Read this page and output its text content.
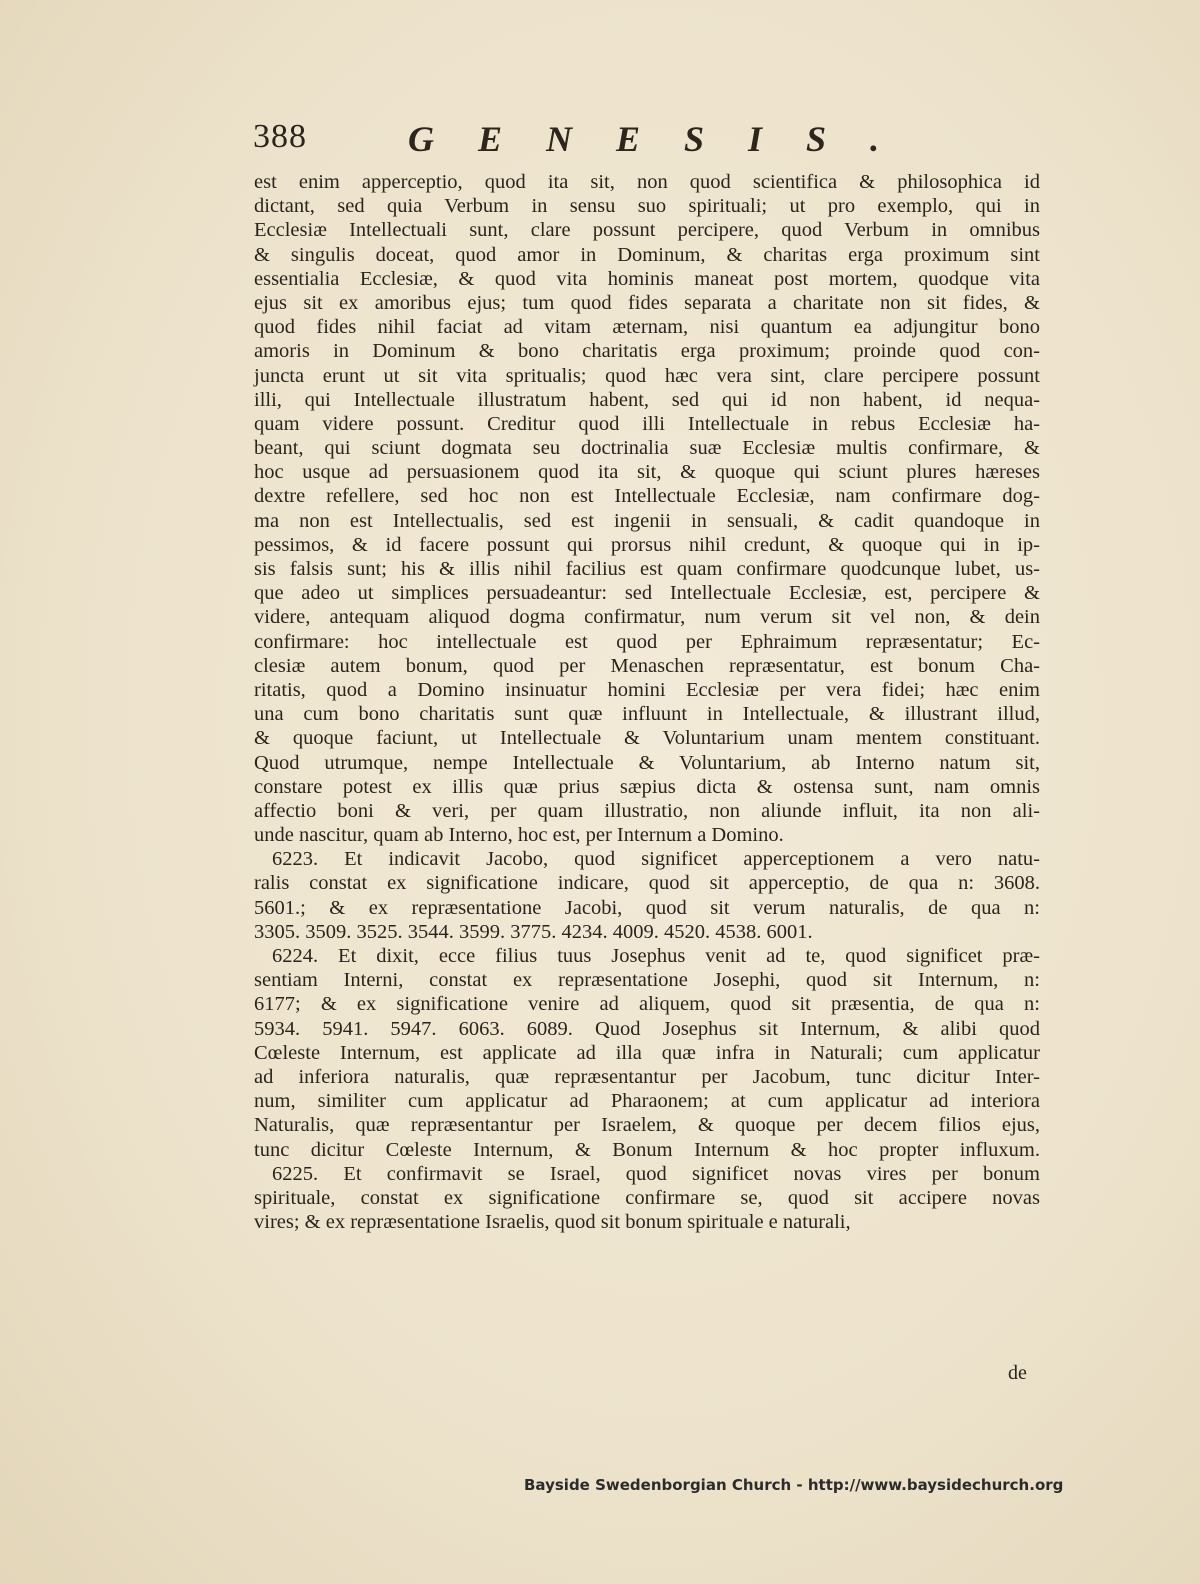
388	GENESIS.
est enim apperceptio, quod ita sit, non quod scientifica & philosophica id
dictant, sed quia Verbum in sensu suo spirituali; ut pro exemplo, qui in
Ecclesiæ Intellectuali sunt, clare possunt percipere, quod Verbum in omnibus
& singulis doceat, quod amor in Dominum, & charitas erga proximum sint
essentialia Ecclesiæ, & quod vita hominis maneat post mortem, quodque vita
ejus sit ex amoribus ejus; tum quod fides separata a charitate non sit fides, &
quod fides nihil faciat ad vitam æternam, nisi quantum ea adjungitur bono
amoris in Dominum & bono charitatis erga proximum; proinde quod con-
juncta erunt ut sit vita spritualis; quod hæc vera sint, clare percipere possunt
illi, qui Intellectuale illustratum habent, sed qui id non habent, id nequa-
quam videre possunt. Creditur quod illi Intellectuale in rebus Ecclesiæ ha-
beant, qui sciunt dogmata seu doctrinalia suæ Ecclesiæ multis confirmare, &
hoc usque ad persuasionem quod ita sit, & quoque qui sciunt plures hæreses
dextre refellere, sed hoc non est Intellectuale Ecclesiæ, nam confirmare dog-
ma non est Intellectualis, sed est ingenii in sensuali, & cadit quandoque in
pessimos, & id facere possunt qui prorsus nihil credunt, & quoque qui in ip-
sis falsis sunt; his & illis nihil facilius est quam confirmare quodcunque lubet, us-
que adeo ut simplices persuadeantur: sed Intellectuale Ecclesiæ, est, percipere &
videre, antequam aliquod dogma confirmatur, num verum sit vel non, & dein
confirmare: hoc intellectuale est quod per Ephraimum repræsentatur; Ec-
clesiæ autem bonum, quod per Menaschen repræsentatur, est bonum Cha-
ritatis, quod a Domino insinuatur homini Ecclesiæ per vera fidei; hæc enim
una cum bono charitatis sunt quæ influunt in Intellectuale, & illustrant illud,
& quoque faciunt, ut Intellectuale & Voluntarium unam mentem constituant.
Quod utrumque, nempe Intellectuale & Voluntarium, ab Interno natum sit,
constare potest ex illis quæ prius sæpius dicta & ostensa sunt, nam omnis
affectio boni & veri, per quam illustratio, non aliunde influit, ita non ali-
unde nascitur, quam ab Interno, hoc est, per Internum a Domino.
6223. Et indicavit Jacobo, quod significet apperceptionem a vero natu-
ralis constat ex significatione indicare, quod sit apperceptio, de qua n: 3608.
5601.; & ex repræsentatione Jacobi, quod sit verum naturalis, de qua n:
3305. 3509. 3525. 3544. 3599. 3775. 4234. 4009. 4520. 4538. 6001.
6224. Et dixit, ecce filius tuus Josephus venit ad te, quod significet præ-
sentiam Interni, constat ex repræsentatione Josephi, quod sit Internum, n:
6177; & ex significatione venire ad aliquem, quod sit præsentia, de qua n:
5934. 5941. 5947. 6063. 6089. Quod Josephus sit Internum, & alibi quod
Cœleste Internum, est applicate ad illa quæ infra in Naturali; cum applicatur
ad inferiora naturalis, quæ repræsentantur per Jacobum, tunc dicitur Inter-
num, similiter cum applicatur ad Pharaonem; at cum applicatur ad interiora
Naturalis, quæ repræsentantur per Israelem, & quoque per decem filios ejus,
tunc dicitur Cœleste Internum, & Bonum Internum & hoc propter influxum.
6225. Et confirmavit se Israel, quod significet novas vires per bonum
spirituale, constat ex significatione confirmare se, quod sit accipere novas
vires; & ex repræsentatione Israelis, quod sit bonum spirituale e naturali,
de
Bayside Swedenborgian Church - http://www.baysidechurch.org
